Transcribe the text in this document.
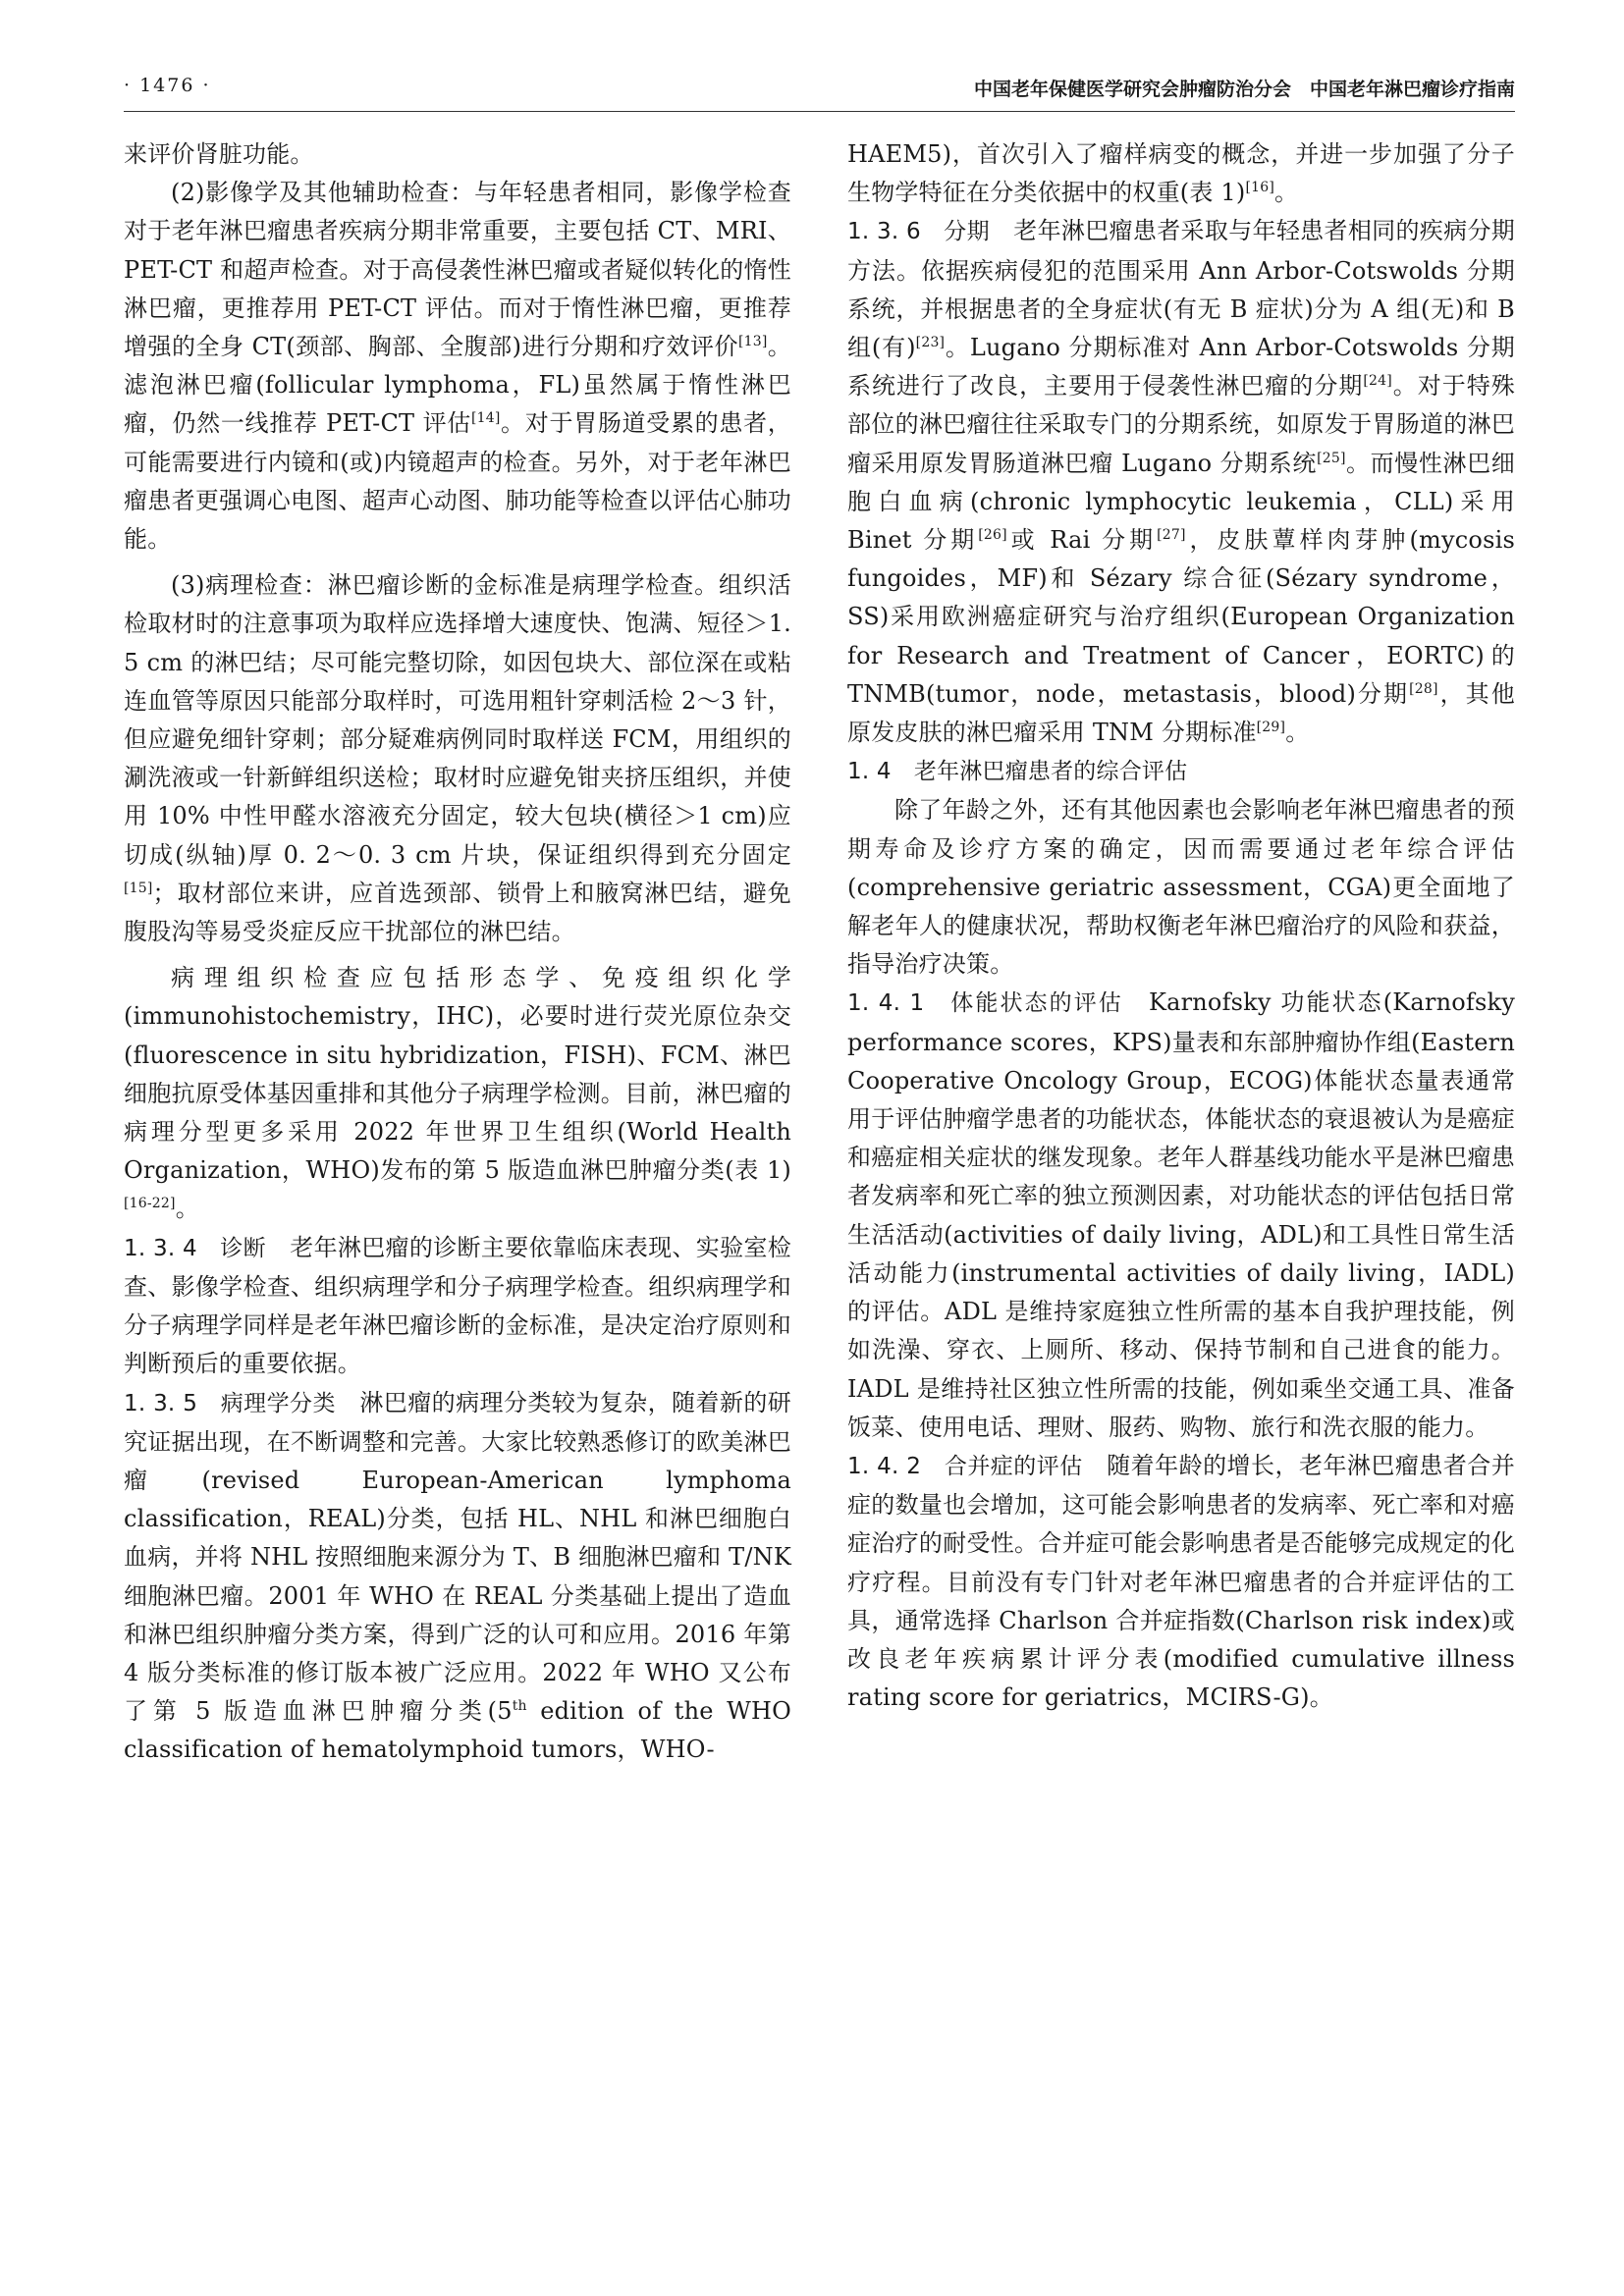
· 1476 ·	中国老年保健医学研究会肿瘤防治分会　中国老年淋巴瘤诊疗指南

来评价肾脏功能。

(2)影像学及其他辅助检查：与年轻患者相同，影像学检查对于老年淋巴瘤患者疾病分期非常重要，主要包括 CT、MRI、PET-CT 和超声检查。对于高侵袭性淋巴瘤或者疑似转化的惰性淋巴瘤，更推荐用 PET-CT 评估。而对于惰性淋巴瘤，更推荐增强的全身 CT(颈部、胸部、全腹部)进行分期和疗效评价[13]。滤泡淋巴瘤(follicular lymphoma，FL)虽然属于惰性淋巴瘤，仍然一线推荐 PET-CT 评估[14]。对于胃肠道受累的患者，可能需要进行内镜和(或)内镜超声的检查。另外，对于老年淋巴瘤患者更强调心电图、超声心动图、肺功能等检查以评估心肺功能。

(3)病理检查：淋巴瘤诊断的金标准是病理学检查。组织活检取材时的注意事项为取样应选择增大速度快、饱满、短径＞1. 5 cm 的淋巴结；尽可能完整切除，如因包块大、部位深在或粘连血管等原因只能部分取样时，可选用粗针穿刺活检 2～3 针，但应避免细针穿刺；部分疑难病例同时取样送 FCM，用组织的涮洗液或一针新鲜组织送检；取材时应避免钳夹挤压组织，并使用 10% 中性甲醛水溶液充分固定，较大包块(横径＞1 cm)应切成(纵轴)厚 0. 2～0. 3 cm 片块，保证组织得到充分固定[15]；取材部位来讲，应首选颈部、锁骨上和腋窝淋巴结，避免腹股沟等易受炎症反应干扰部位的淋巴结。

病理组织检查应包括形态学、免疫组织化学(immunohistochemistry，IHC)，必要时进行荧光原位杂交(fluorescence in situ hybridization，FISH)、FCM、淋巴细胞抗原受体基因重排和其他分子病理学检测。目前，淋巴瘤的病理分型更多采用 2022 年世界卫生组织(World Health Organization，WHO)发布的第 5 版造血淋巴肿瘤分类(表 1)[16-22]。

1. 3. 4　诊断　老年淋巴瘤的诊断主要依靠临床表现、实验室检查、影像学检查、组织病理学和分子病理学检查。组织病理学和分子病理学同样是老年淋巴瘤诊断的金标准，是决定治疗原则和判断预后的重要依据。

1. 3. 5　病理学分类　淋巴瘤的病理分类较为复杂，随着新的研究证据出现，在不断调整和完善。大家比较熟悉修订的欧美淋巴瘤(revised European-American lymphoma classification，REAL)分类，包括 HL、NHL 和淋巴细胞白血病，并将 NHL 按照细胞来源分为 T、B 细胞淋巴瘤和 T/NK 细胞淋巴瘤。2001 年 WHO 在 REAL 分类基础上提出了造血和淋巴组织肿瘤分类方案，得到广泛的认可和应用。2016 年第 4 版分类标准的修订版本被广泛应用。2022 年 WHO 又公布了第 5 版造血淋巴肿瘤分类(5th edition of the WHO classification of hematolymphoid tumors，WHO-

HAEM5)，首次引入了瘤样病变的概念，并进一步加强了分子生物学特征在分类依据中的权重(表 1)[16]。

1. 3. 6　分期　老年淋巴瘤患者采取与年轻患者相同的疾病分期方法。依据疾病侵犯的范围采用 Ann Arbor-Cotswolds 分期系统，并根据患者的全身症状(有无 B 症状)分为 A 组(无)和 B 组(有)[23]。Lugano 分期标准对 Ann Arbor-Cotswolds 分期系统进行了改良，主要用于侵袭性淋巴瘤的分期[24]。对于特殊部位的淋巴瘤往往采取专门的分期系统，如原发于胃肠道的淋巴瘤采用原发胃肠道淋巴瘤 Lugano 分期系统[25]。而慢性淋巴细胞白血病(chronic lymphocytic leukemia，CLL)采用 Binet 分期[26]或 Rai 分期[27]，皮肤蕈样肉芽肿(mycosis fungoides，MF)和 Sézary 综合征(Sézary syndrome，SS)采用欧洲癌症研究与治疗组织(European Organization for Research and Treatment of Cancer，EORTC)的 TNMB(tumor，node，metastasis，blood)分期[28]，其他原发皮肤的淋巴瘤采用 TNM 分期标准[29]。

1. 4　老年淋巴瘤患者的综合评估

除了年龄之外，还有其他因素也会影响老年淋巴瘤患者的预期寿命及诊疗方案的确定，因而需要通过老年综合评估(comprehensive geriatric assessment，CGA)更全面地了解老年人的健康状况，帮助权衡老年淋巴瘤治疗的风险和获益，指导治疗决策。

1. 4. 1　体能状态的评估　Karnofsky 功能状态(Karnofsky performance scores，KPS)量表和东部肿瘤协作组(Eastern Cooperative Oncology Group，ECOG)体能状态量表通常用于评估肿瘤学患者的功能状态，体能状态的衰退被认为是癌症和癌症相关症状的继发现象。老年人群基线功能水平是淋巴瘤患者发病率和死亡率的独立预测因素，对功能状态的评估包括日常生活活动(activities of daily living，ADL)和工具性日常生活活动能力(instrumental activities of daily living，IADL)的评估。ADL 是维持家庭独立性所需的基本自我护理技能，例如洗澡、穿衣、上厕所、移动、保持节制和自己进食的能力。IADL 是维持社区独立性所需的技能，例如乘坐交通工具、准备饭菜、使用电话、理财、服药、购物、旅行和洗衣服的能力。

1. 4. 2　合并症的评估　随着年龄的增长，老年淋巴瘤患者合并症的数量也会增加，这可能会影响患者的发病率、死亡率和对癌症治疗的耐受性。合并症可能会影响患者是否能够完成规定的化疗疗程。目前没有专门针对老年淋巴瘤患者的合并症评估的工具，通常选择 Charlson 合并症指数(Charlson risk index)或改良老年疾病累计评分表(modified cumulative illness rating score for geriatrics，MCIRS-G)。
